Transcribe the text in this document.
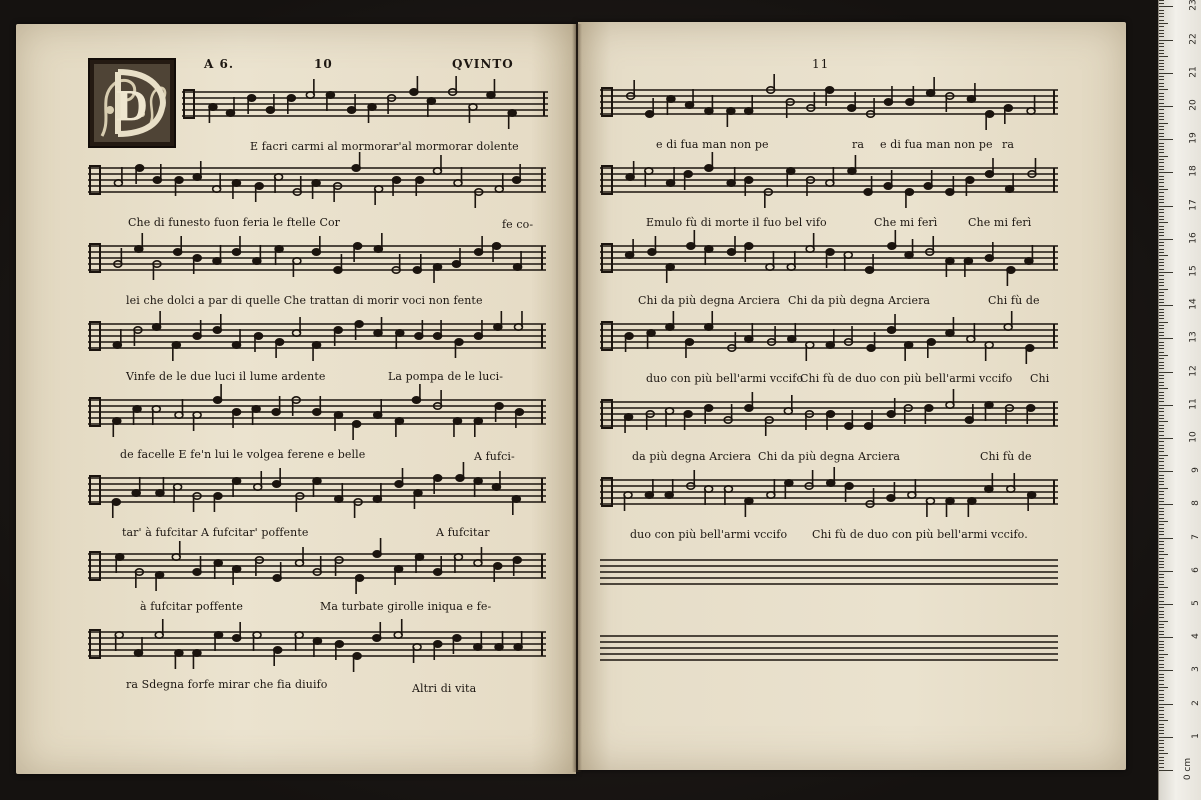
A 6.	10	QVINTO
D
E facri carmi al mormorar'al mormorar dolente
Che di funesto fuon feria le ftelle Cor	fe co-
lei che dolci a par di quelle Che trattan di morir voci non fente
Vinfe de le due luci il lume ardente	La pompa de le luci-
de facelle E fe'n lui le volgea ferene e belle	A fufci-
tar' à fufcitar A fufcitar' poffente	A fufcitar
à fufcitar poffente	Ma turbate girolle iniqua e fe-
ra Sdegna forfe mirar che fia diuifo	Altri di vita
11
e di fua man non pe	ra e di fua man non pe ra
Emulo fù di morte il fuo bel vifo	Che mi ferì	Che mi ferì
Chi da più degna Arciera Chi da più degna Arciera	Chi fù de
duo con più bell'armi vccifo
Chi fù de duo con più bell'armi vccifo Chi
da più degna Arciera Chi da più degna Arciera	Chi fù de
duo con più bell'armi vccifo Chi fù de duo con più bell'armi vccifo.
0 cm
1
2
3
4
5
6
7
8
9
10
11
12
13
14
15
16
17
18
19
20
21
22
23
